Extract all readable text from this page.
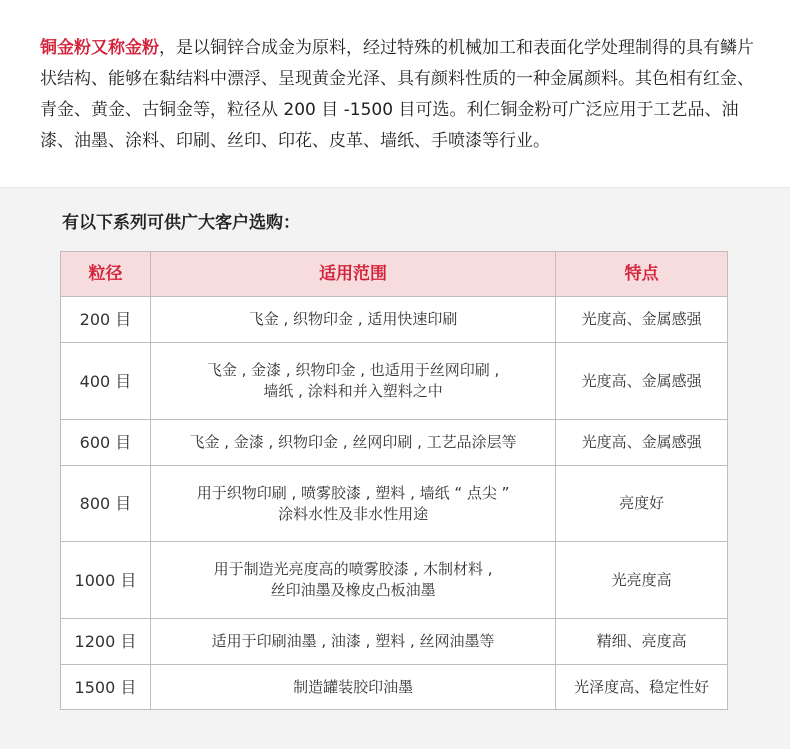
铜金粉又称金粉，是以铜锌合成金为原料，经过特殊的机械加工和表面化学处理制得的具有鳞片状结构、能够在黏结料中漂浮、呈现黄金光泽、具有颜料性质的一种金属颜料。其色相有红金、青金、黄金、古铜金等，粒径从 200 目 -1500 目可选。利仁铜金粉可广泛应用于工艺品、油漆、油墨、涂料、印刷、丝印、印花、皮革、墙纸、手喷漆等行业。

有以下系列可供广大客户选购：
粒径	适用范围	特点
200 目	飞金 , 织物印金 , 适用快速印刷	光度高、金属感强
400 目	飞金 , 金漆 , 织物印金 , 也适用于丝网印刷 ,
墙纸 , 涂料和并入塑料之中	光度高、金属感强
600 目	飞金 , 金漆 , 织物印金 , 丝网印刷 , 工艺品涂层等	光度高、金属感强
800 目	用于织物印刷 , 喷雾胶漆 , 塑料 , 墙纸 “ 点尖 ”
涂料水性及非水性用途	亮度好
1000 目	用于制造光亮度高的喷雾胶漆 , 木制材料 ,
丝印油墨及橡皮凸板油墨	光亮度高
1200 目	适用于印刷油墨 , 油漆 , 塑料 , 丝网油墨等	精细、亮度高
1500 目	制造罐装胶印油墨	光泽度高、稳定性好
